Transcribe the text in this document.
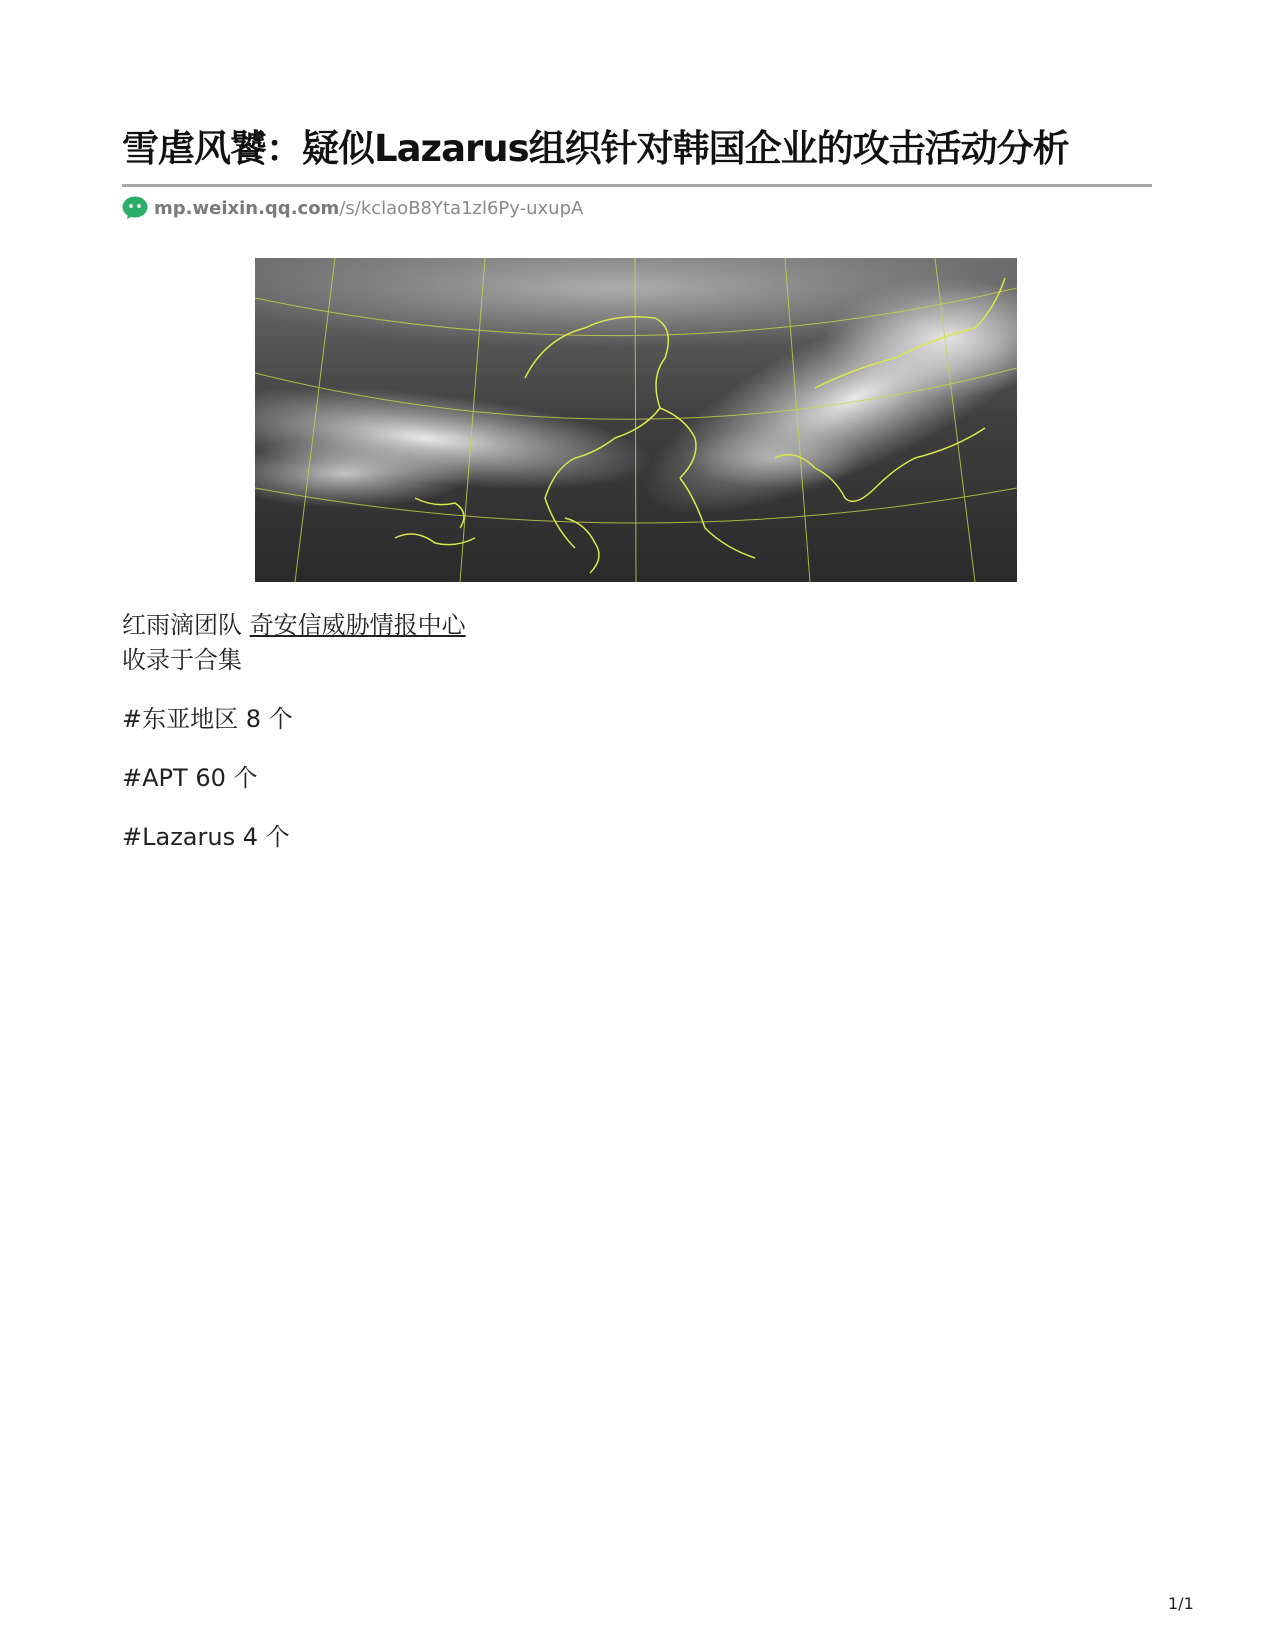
雪虐风饕：疑似Lazarus组织针对韩国企业的攻击活动分析
mp.weixin.qq.com /s/kclaoB8Yta1zl6Py-uxupA
红雨滴团队 奇安信威胁情报中心
收录于合集
#东亚地区 8 个
#APT 60 个
#Lazarus 4 个
1/1
